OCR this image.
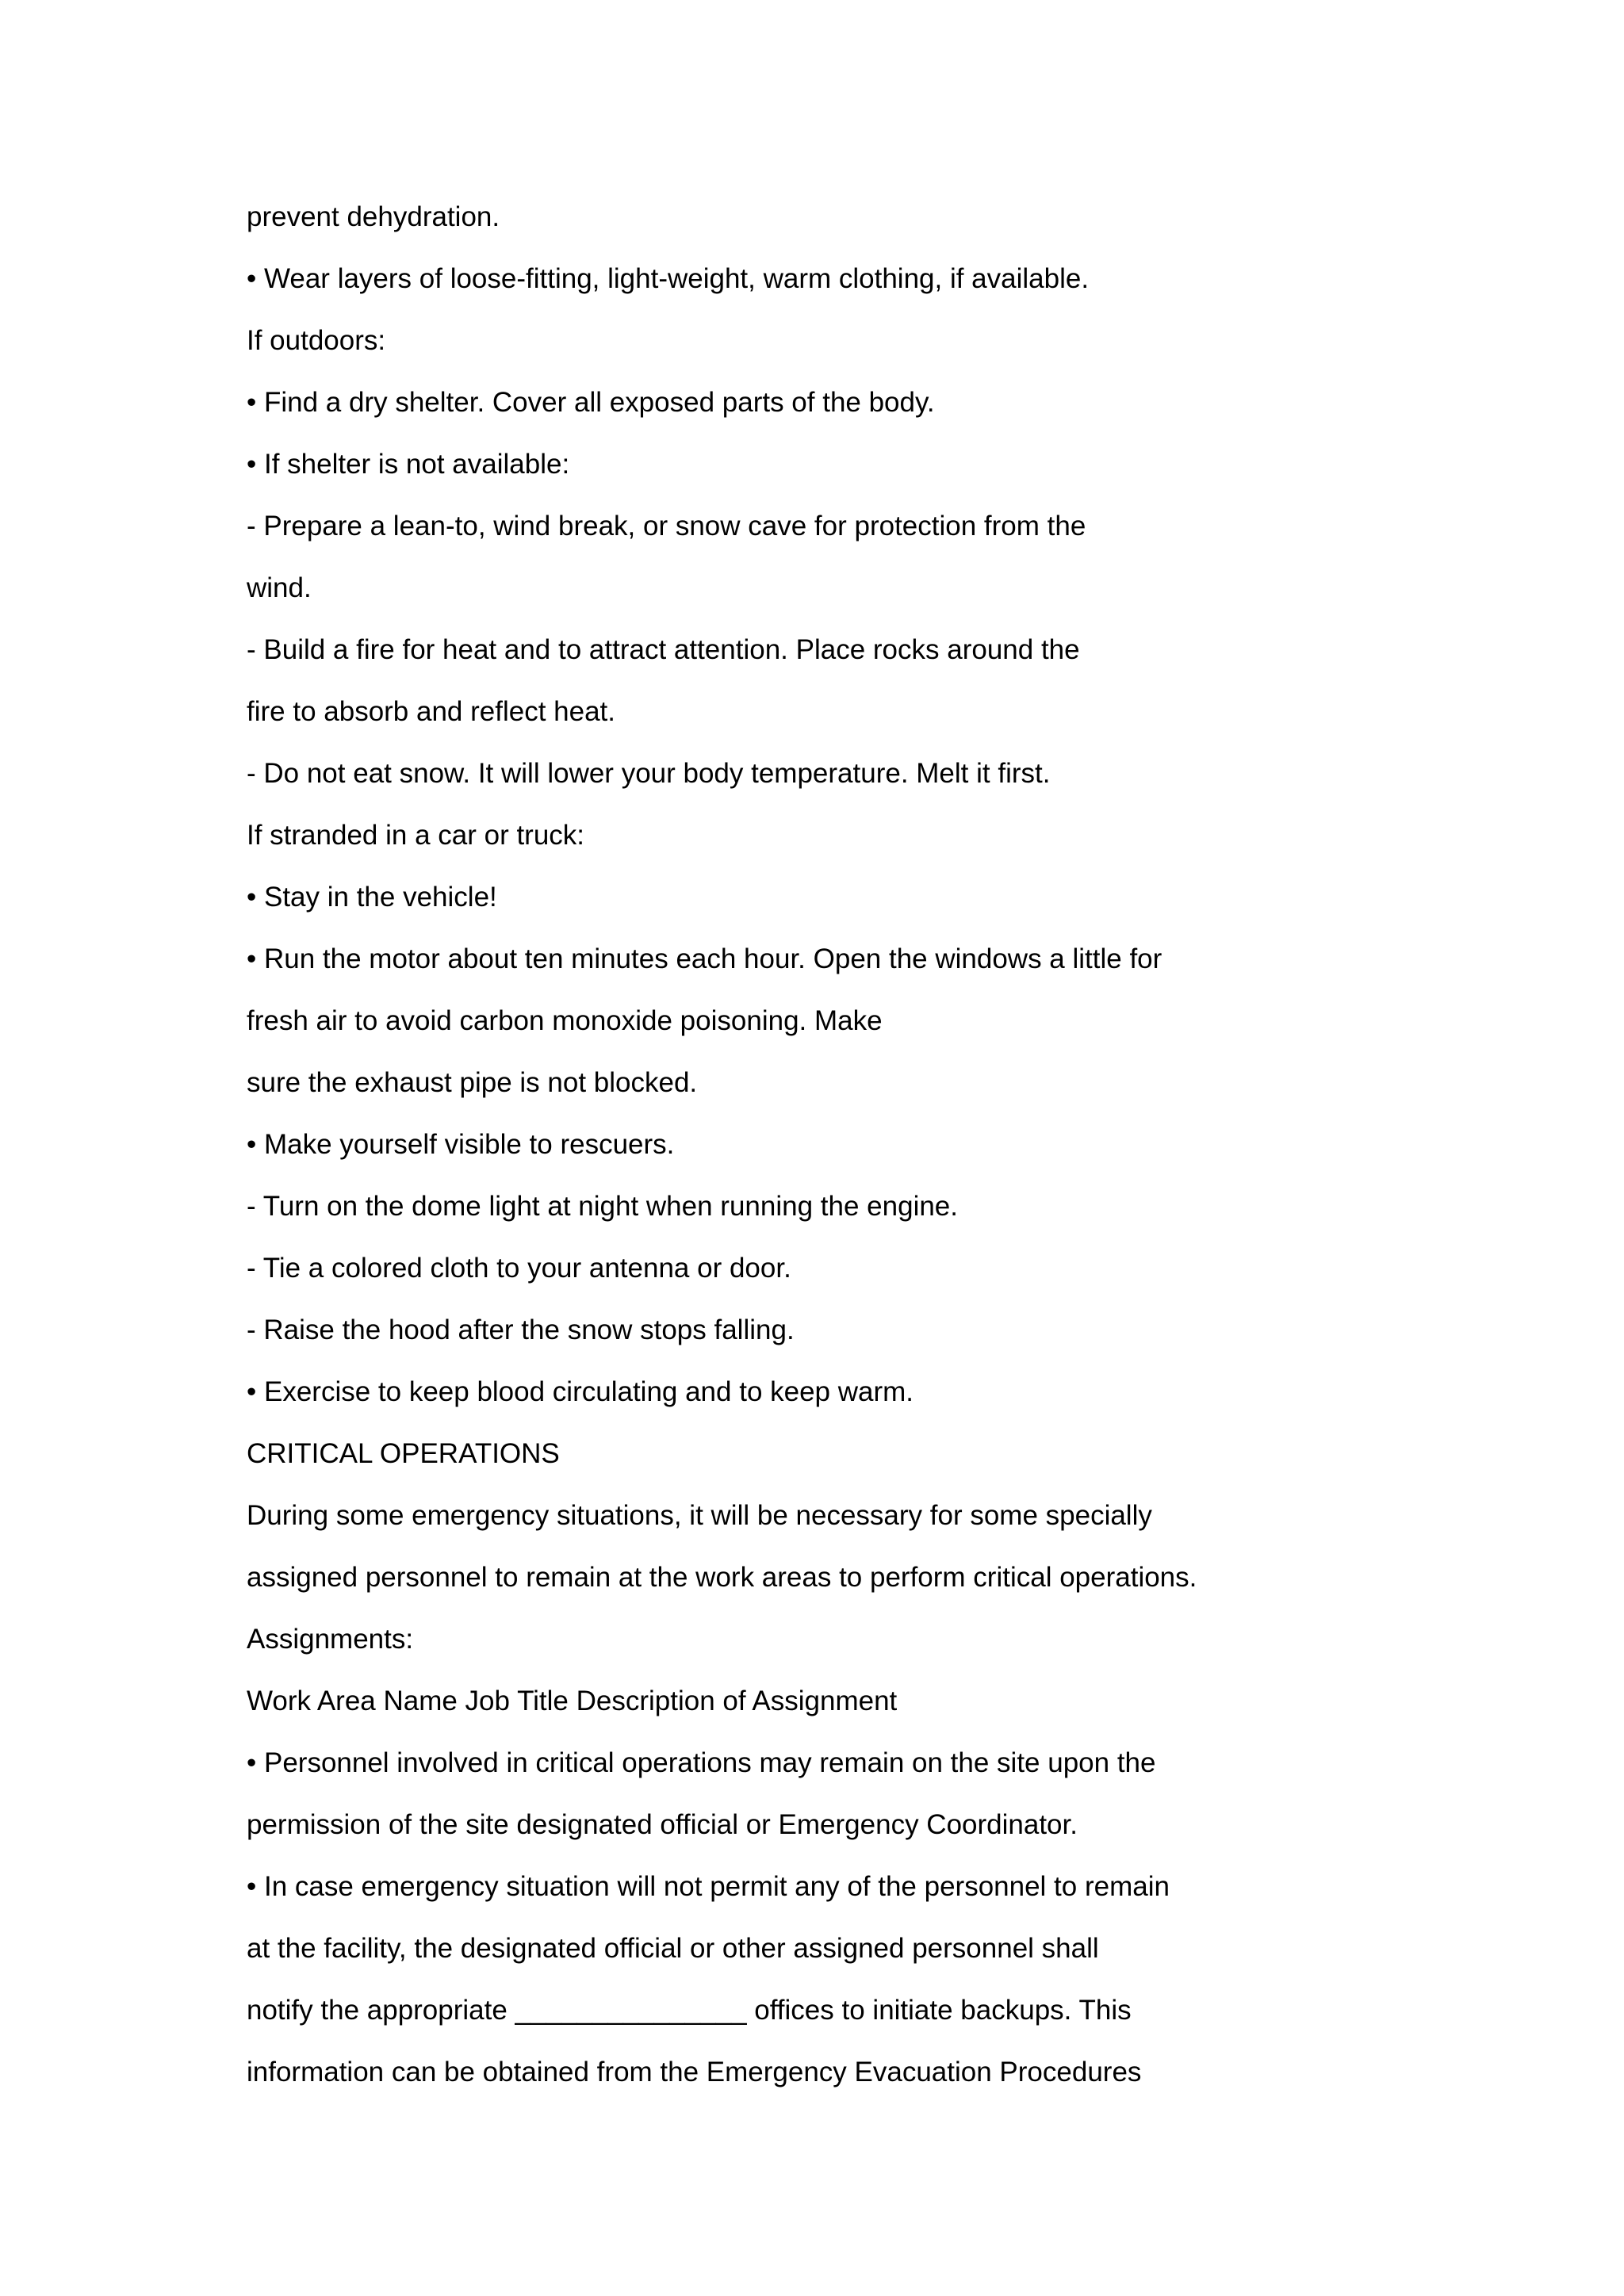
prevent dehydration.
• Wear layers of loose-fitting, light-weight, warm clothing, if available.
If outdoors:
• Find a dry shelter. Cover all exposed parts of the body.
• If shelter is not available:
- Prepare a lean-to, wind break, or snow cave for protection from the
wind.
- Build a fire for heat and to attract attention. Place rocks around the
fire to absorb and reflect heat.
- Do not eat snow. It will lower your body temperature. Melt it first.
If stranded in a car or truck:
• Stay in the vehicle!
• Run the motor about ten minutes each hour. Open the windows a little for
fresh air to avoid carbon monoxide poisoning. Make
sure the exhaust pipe is not blocked.
• Make yourself visible to rescuers.
- Turn on the dome light at night when running the engine.
- Tie a colored cloth to your antenna or door.
- Raise the hood after the snow stops falling.
• Exercise to keep blood circulating and to keep warm.
CRITICAL OPERATIONS
During some emergency situations, it will be necessary for some specially
assigned personnel to remain at the work areas to perform critical operations.
Assignments:
Work Area Name Job Title Description of Assignment
• Personnel involved in critical operations may remain on the site upon the
permission of the site designated official or Emergency Coordinator.
• In case emergency situation will not permit any of the personnel to remain
at the facility, the designated official or other assigned personnel shall
notify the appropriate _______________ offices to initiate backups. This
information can be obtained from the Emergency Evacuation Procedures
